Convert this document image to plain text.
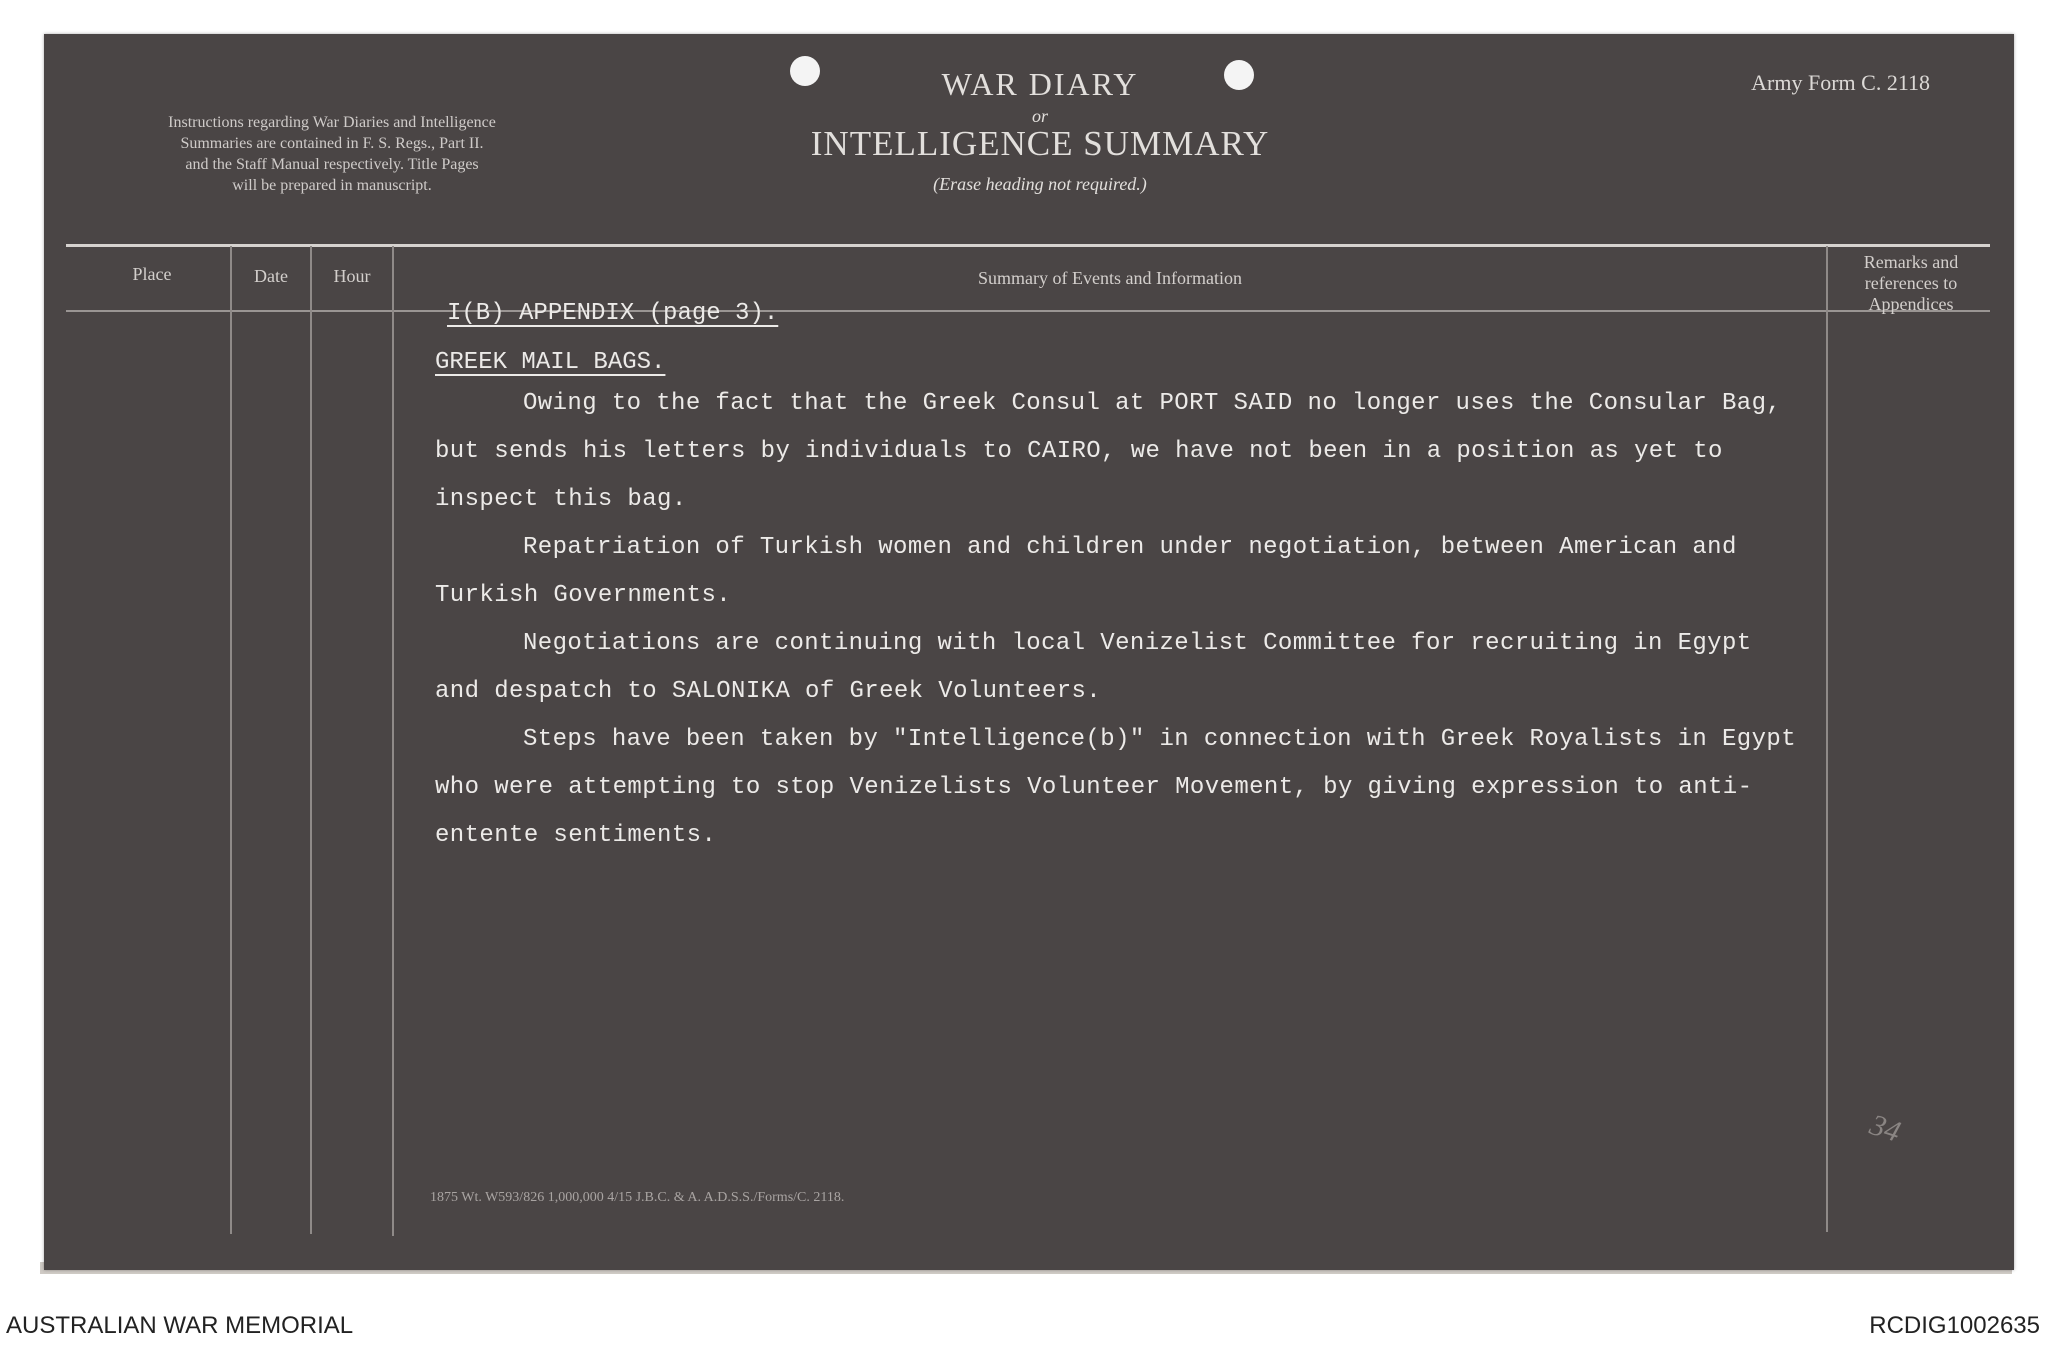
Instructions regarding War Diaries and Intelligence
Summaries are contained in F. S. Regs., Part II.
and the Staff Manual respectively. Title Pages
will be prepared in manuscript.
WAR DIARY
or
INTELLIGENCE SUMMARY
(Erase heading not required.)
Army Form C. 2118
Place	Date	Hour	Summary of Events and Information
Remarks and
references to
Appendices
I(B) APPENDIX (page 3).
GREEK MAIL BAGS.
Owing to the fact that the Greek Consul at PORT SAID no longer uses the Consular Bag,
but sends his letters by individuals to CAIRO, we have not been in a position as yet to
inspect this bag.
Repatriation of Turkish women and children under negotiation, between American and
Turkish Governments.
Negotiations are continuing with local Venizelist Committee for recruiting in Egypt
and despatch to SALONIKA of Greek Volunteers.
Steps have been taken by "Intelligence(b)" in connection with Greek Royalists in Egypt
who were attempting to stop Venizelists Volunteer Movement, by giving expression to anti-
entente sentiments.
1875 Wt. W593/826 1,000,000 4/15 J.B.C. & A. A.D.S.S./Forms/C. 2118.
34
AUSTRALIAN WAR MEMORIAL	RCDIG1002635
